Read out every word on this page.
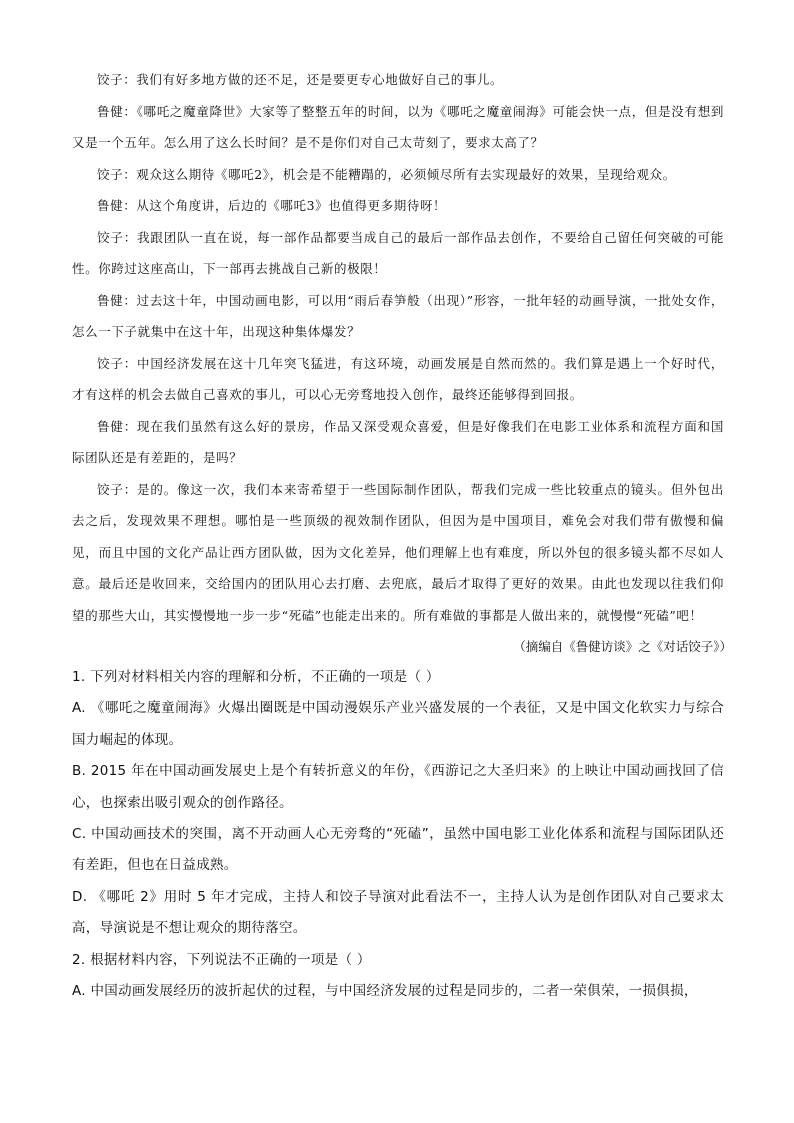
饺子：我们有好多地方做的还不足，还是要更专心地做好自己的事儿。

鲁健：《哪吒之魔童降世》大家等了整整五年的时间，以为《哪吒之魔童闹海》可能会快一点，但是没有想到又是一个五年。怎么用了这么长时间？是不是你们对自己太苛刻了，要求太高了？

饺子：观众这么期待《哪吒2》，机会是不能糟蹋的，必须倾尽所有去实现最好的效果，呈现给观众。

鲁健：从这个角度讲，后边的《哪吒3》也值得更多期待呀！

饺子：我跟团队一直在说，每一部作品都要当成自己的最后一部作品去创作，不要给自己留任何突破的可能性。你跨过这座高山，下一部再去挑战自己新的极限！

鲁健：过去这十年，中国动画电影，可以用“雨后春笋般（出现）”形容，一批年轻的动画导演，一批处女作，怎么一下子就集中在这十年，出现这种集体爆发？

饺子：中国经济发展在这十几年突飞猛进，有这环境，动画发展是自然而然的。我们算是遇上一个好时代，才有这样的机会去做自己喜欢的事儿，可以心无旁骛地投入创作，最终还能够得到回报。

鲁健：现在我们虽然有这么好的景房，作品又深受观众喜爱，但是好像我们在电影工业体系和流程方面和国际团队还是有差距的，是吗？

饺子：是的。像这一次，我们本来寄希望于一些国际制作团队，帮我们完成一些比较重点的镜头。但外包出去之后，发现效果不理想。哪怕是一些顶级的视效制作团队，但因为是中国项目，难免会对我们带有傲慢和偏见，而且中国的文化产品让西方团队做，因为文化差异，他们理解上也有难度，所以外包的很多镜头都不尽如人意。最后还是收回来，交给国内的团队用心去打磨、去兜底，最后才取得了更好的效果。由此也发现以往我们仰望的那些大山，其实慢慢地一步一步“死磕”也能走出来的。所有难做的事都是人做出来的，就慢慢“死磕”吧！

（摘编自《鲁健访谈》之《对话饺子》）

1. 下列对材料相关内容的理解和分析，不正确的一项是（ ）

A. 《哪吒之魔童闹海》火爆出圈既是中国动漫娱乐产业兴盛发展的一个表征，又是中国文化软实力与综合国力崛起的体现。

B. 2015 年在中国动画发展史上是个有转折意义的年份，《西游记之大圣归来》的上映让中国动画找回了信心，也探索出吸引观众的创作路径。

C. 中国动画技术的突围，离不开动画人心无旁骛的“死磕”，虽然中国电影工业化体系和流程与国际团队还有差距，但也在日益成熟。

D. 《哪吒 2》用时 5 年才完成，主持人和饺子导演对此看法不一，主持人认为是创作团队对自己要求太高，导演说是不想让观众的期待落空。

2. 根据材料内容，下列说法不正确的一项是（ ）

A. 中国动画发展经历的波折起伏的过程，与中国经济发展的过程是同步的，二者一荣俱荣，一损俱损，
